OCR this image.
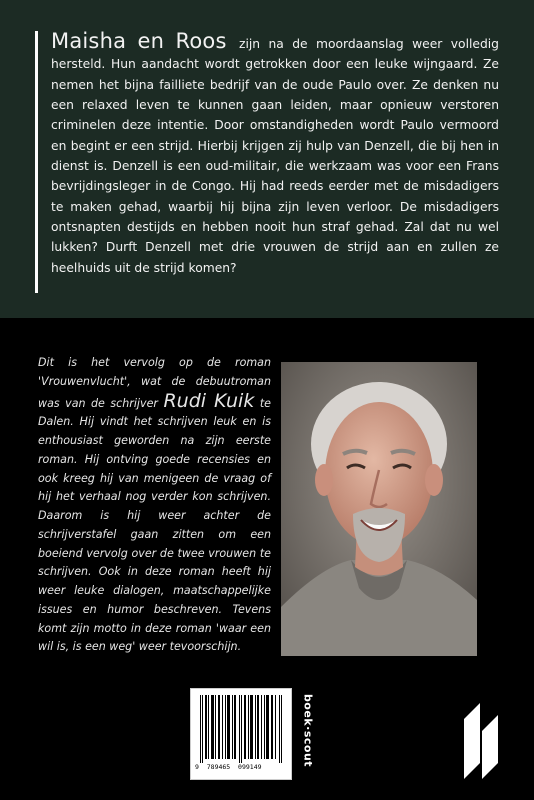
Maisha en Roos zijn na de moordaanslag weer volledig hersteld. Hun aandacht wordt getrokken door een leuke wijngaard. Ze nemen het bijna failliete bedrijf van de oude Paulo over. Ze denken nu een relaxed leven te kunnen gaan leiden, maar opnieuw verstoren criminelen deze intentie. Door omstandigheden wordt Paulo vermoord en begint er een strijd. Hierbij krijgen zij hulp van Denzell, die bij hen in dienst is. Denzell is een oud-militair, die werkzaam was voor een Frans bevrijdingsleger in de Congo. Hij had reeds eerder met de misdadigers te maken gehad, waarbij hij bijna zijn leven verloor. De misdadigers ontsnapten destijds en hebben nooit hun straf gehad. Zal dat nu wel lukken? Durft Denzell met drie vrouwen de strijd aan en zullen ze heelhuids uit de strijd komen?
Dit is het vervolg op de roman 'Vrouwenvlucht', wat de debuutroman was van de schrijver Rudi Kuik te Dalen. Hij vindt het schrijven leuk en is enthousiast geworden na zijn eerste roman. Hij ontving goede recensies en ook kreeg hij van menigeen de vraag of hij het verhaal nog verder kon schrijven. Daarom is hij weer achter de schrijverstafel gaan zitten om een boeiend vervolg over de twee vrouwen te schrijven. Ook in deze roman heeft hij weer leuke dialogen, maatschappelijke issues en humor beschreven. Tevens komt zijn motto in deze roman 'waar een wil is, is een weg' weer tevoorschijn.
9  789465  099149	boek·scout
